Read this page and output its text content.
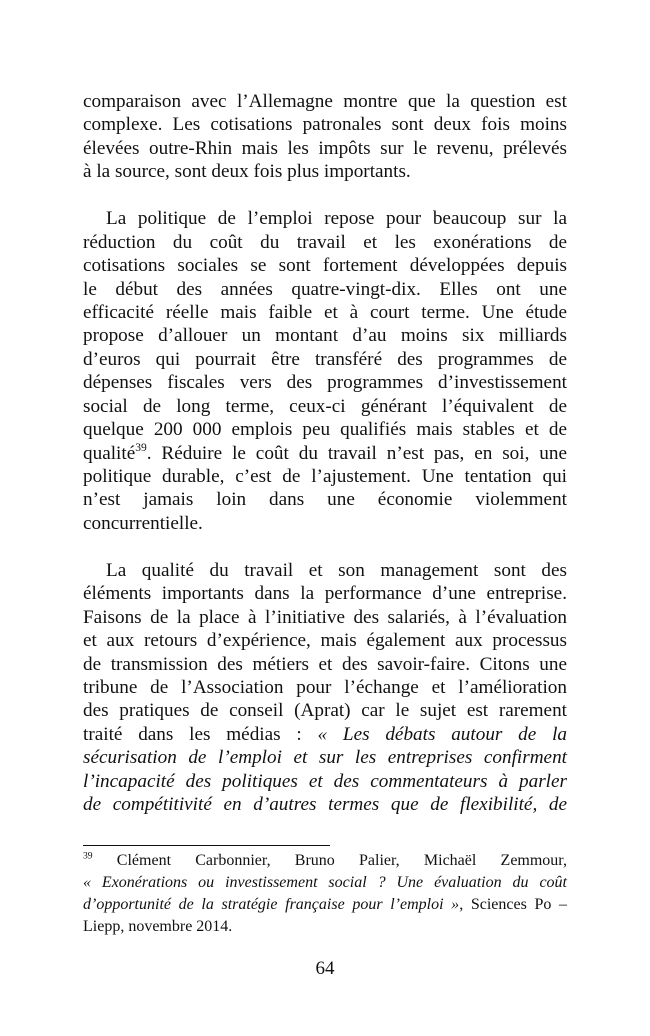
comparaison avec l’Allemagne montre que la question est
complexe. Les cotisations patronales sont deux fois moins
élevées outre-Rhin mais les impôts sur le revenu, prélevés
à la source, sont deux fois plus importants.
La politique de l’emploi repose pour beaucoup sur la
réduction du coût du travail et les exonérations de
cotisations sociales se sont fortement développées depuis
le début des années quatre-vingt-dix. Elles ont une
efficacité réelle mais faible et à court terme. Une étude
propose d’allouer un montant d’au moins six milliards
d’euros qui pourrait être transféré des programmes de
dépenses fiscales vers des programmes d’investissement
social de long terme, ceux-ci générant l’équivalent de
quelque 200 000 emplois peu qualifiés mais stables et de
qualité$^{39}$. Réduire le coût du travail n’est pas, en soi, une
politique durable, c’est de l’ajustement. Une tentation qui
n’est jamais loin dans une économie violemment
concurrentielle.
La qualité du travail et son management sont des
éléments importants dans la performance d’une entreprise.
Faisons de la place à l’initiative des salariés, à l’évaluation
et aux retours d’expérience, mais également aux processus
de transmission des métiers et des savoir-faire. Citons une
tribune de l’Association pour l’échange et l’amélioration
des pratiques de conseil (Aprat) car le sujet est rarement
traité dans les médias : « Les débats autour de la
sécurisation de l’emploi et sur les entreprises confirment
l’incapacité des politiques et des commentateurs à parler
de compétitivité en d’autres termes que de flexibilité, de
$^{39}$ Clément Carbonnier, Bruno Palier, Michaël Zemmour,
« Exonérations ou investissement social ? Une évaluation du coût
d’opportunité de la stratégie française pour l’emploi », Sciences Po –
Liepp, novembre 2014.
64
